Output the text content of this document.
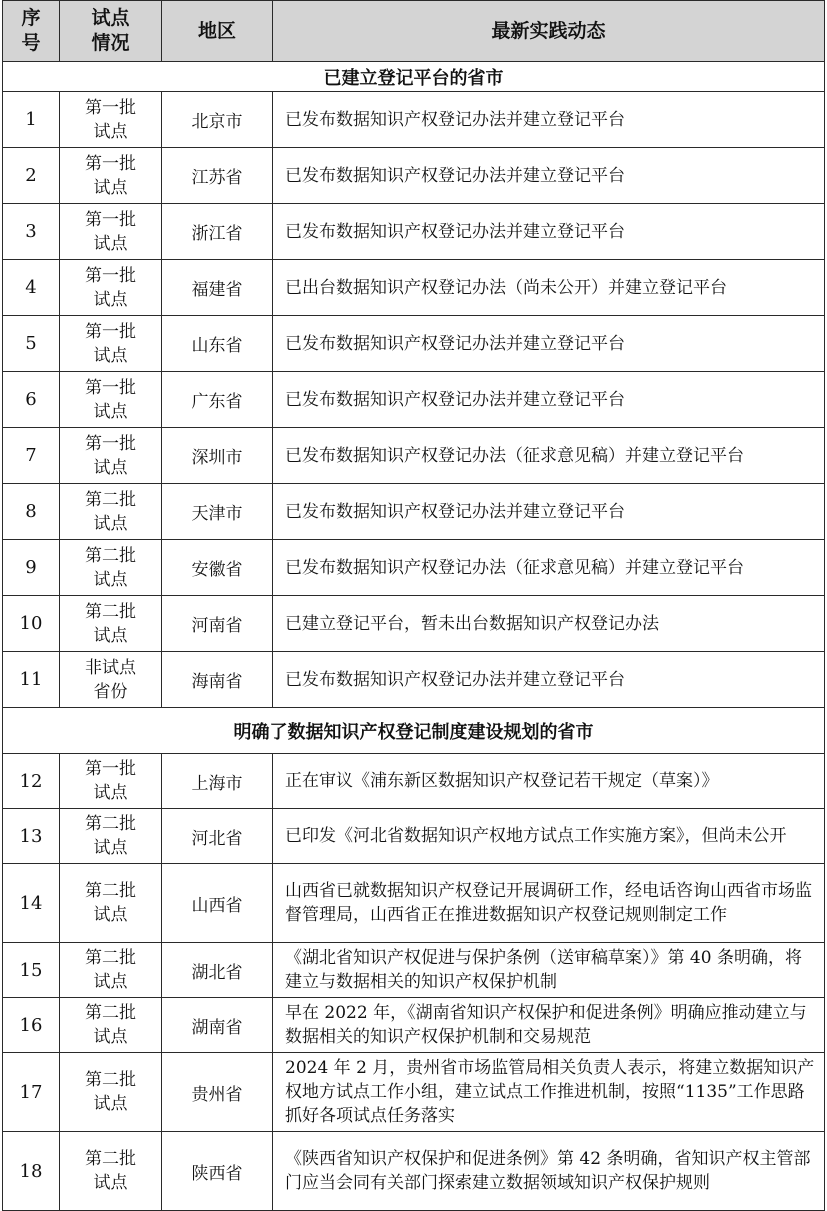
序
号	试点
情况	地区	最新实践动态
已建立登记平台的省市			
1	第一批
试点	北京市	已发布数据知识产权登记办法并建立登记平台
2	第一批
试点	江苏省	已发布数据知识产权登记办法并建立登记平台
3	第一批
试点	浙江省	已发布数据知识产权登记办法并建立登记平台
4	第一批
试点	福建省	已出台数据知识产权登记办法（尚未公开）并建立登记平台
5	第一批
试点	山东省	已发布数据知识产权登记办法并建立登记平台
6	第一批
试点	广东省	已发布数据知识产权登记办法并建立登记平台
7	第一批
试点	深圳市	已发布数据知识产权登记办法（征求意见稿）并建立登记平台
8	第二批
试点	天津市	已发布数据知识产权登记办法并建立登记平台
9	第二批
试点	安徽省	已发布数据知识产权登记办法（征求意见稿）并建立登记平台
10	第二批
试点	河南省	已建立登记平台，暂未出台数据知识产权登记办法
11	非试点
省份	海南省	已发布数据知识产权登记办法并建立登记平台
明确了数据知识产权登记制度建设规划的省市			
12	第一批
试点	上海市	正在审议《浦东新区数据知识产权登记若干规定（草案）》
13	第二批
试点	河北省	已印发《河北省数据知识产权地方试点工作实施方案》，但尚未公开
14	第二批
试点	山西省	山西省已就数据知识产权登记开展调研工作，经电话咨询山西省市场监督管理局，山西省正在推进数据知识产权登记规则制定工作
15	第二批
试点	湖北省	《湖北省知识产权促进与保护条例（送审稿草案）》第 40 条明确，将建立与数据相关的知识产权保护机制
16	第二批
试点	湖南省	早在 2022 年，《湖南省知识产权保护和促进条例》明确应推动建立与数据相关的知识产权保护机制和交易规范
17	第二批
试点	贵州省	2024 年 2 月，贵州省市场监管局相关负责人表示，将建立数据知识产权地方试点工作小组，建立试点工作推进机制，按照“1135”工作思路抓好各项试点任务落实
18	第二批
试点	陕西省	《陕西省知识产权保护和促进条例》第 42 条明确，省知识产权主管部门应当会同有关部门探索建立数据领域知识产权保护规则
